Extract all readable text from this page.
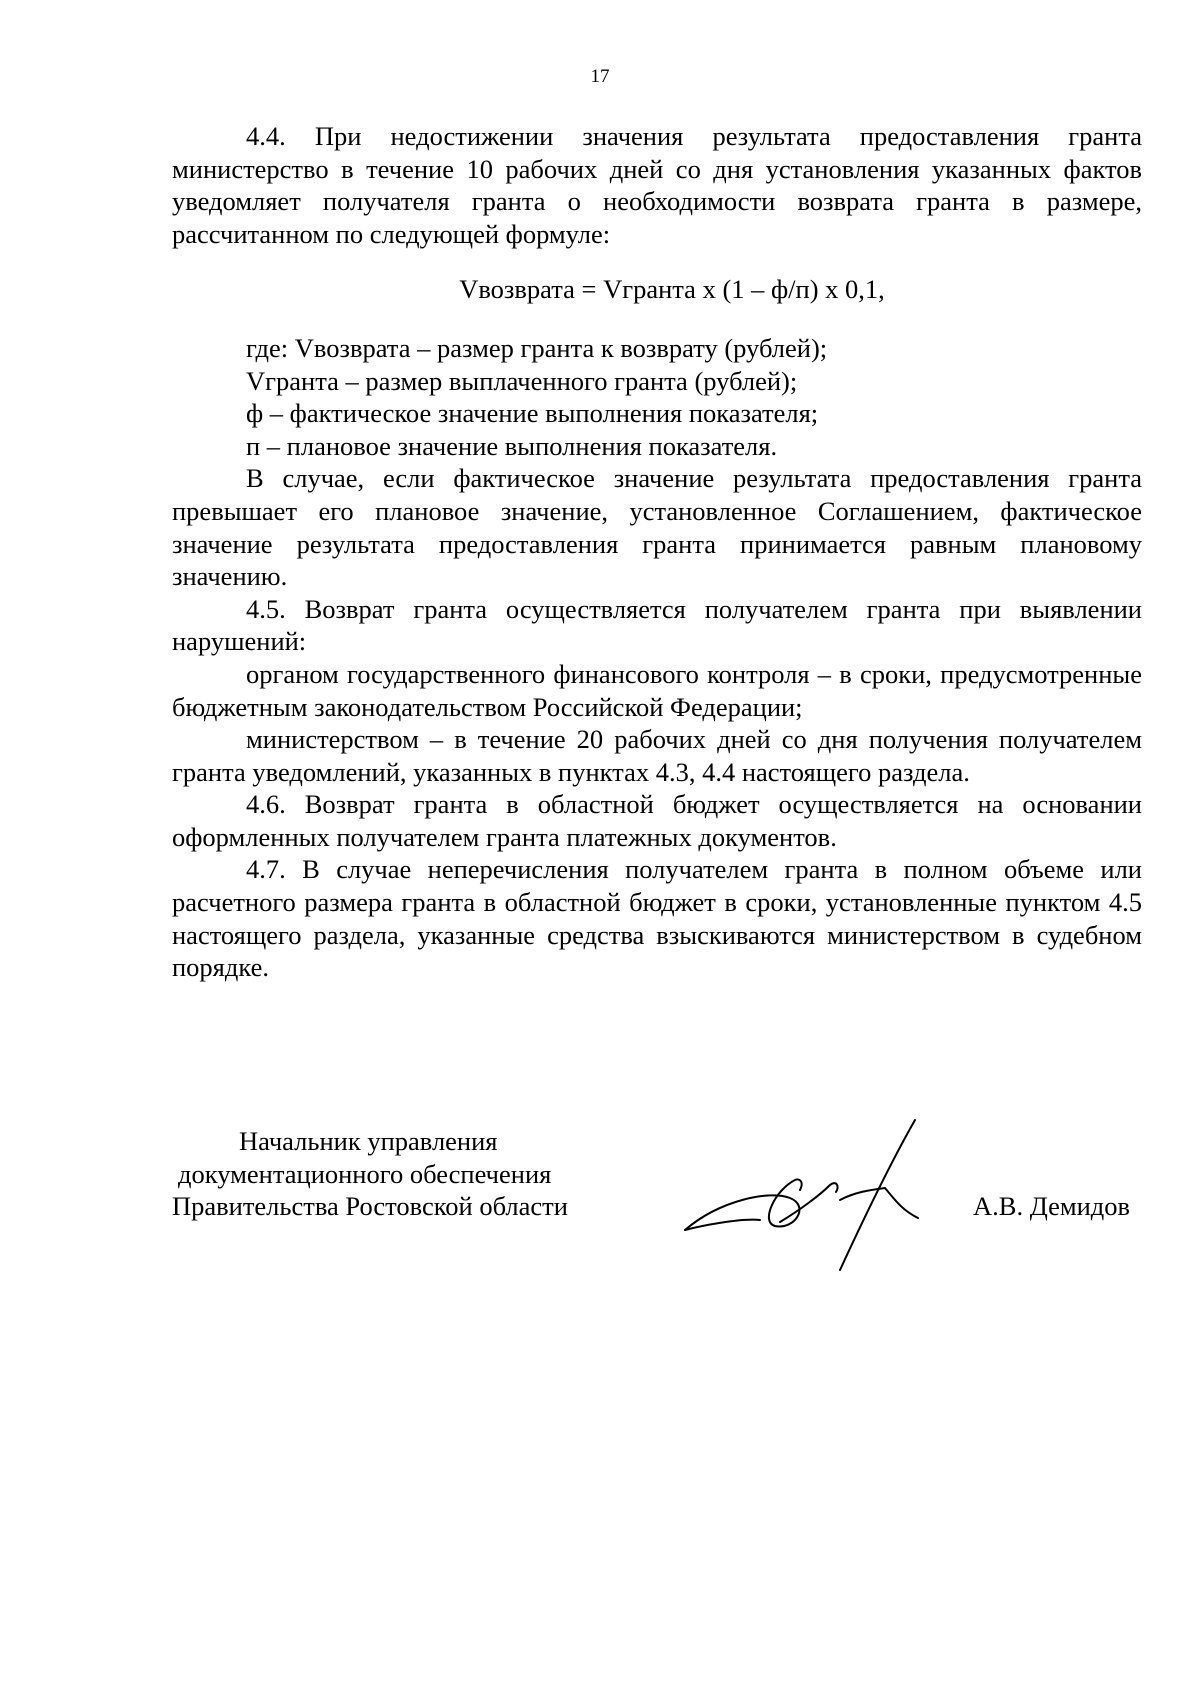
17

4.4. При недостижении значения результата предоставления гранта министерство в течение 10 рабочих дней со дня установления указанных фактов уведомляет получателя гранта о необходимости возврата гранта в размере, рассчитанном по следующей формуле:

Vвозврата = Vгранта x (1 – ф/п) x 0,1,

где: Vвозврата – размер гранта к возврату (рублей);
Vгранта – размер выплаченного гранта (рублей);
ф – фактическое значение выполнения показателя;
п – плановое значение выполнения показателя.

В случае, если фактическое значение результата предоставления гранта превышает его плановое значение, установленное Соглашением, фактическое значение результата предоставления гранта принимается равным плановому значению.

4.5. Возврат гранта осуществляется получателем гранта при выявлении нарушений:

органом государственного финансового контроля – в сроки, предусмотренные бюджетным законодательством Российской Федерации;

министерством – в течение 20 рабочих дней со дня получения получателем гранта уведомлений, указанных в пунктах 4.3, 4.4 настоящего раздела.

4.6. Возврат гранта в областной бюджет осуществляется на основании оформленных получателем гранта платежных документов.

4.7. В случае неперечисления получателем гранта в полном объеме или расчетного размера гранта в областной бюджет в сроки, установленные пунктом 4.5 настоящего раздела, указанные средства взыскиваются министерством в судебном порядке.

Начальник управления
документационного обеспечения
Правительства Ростовской области	А.В. Демидов
